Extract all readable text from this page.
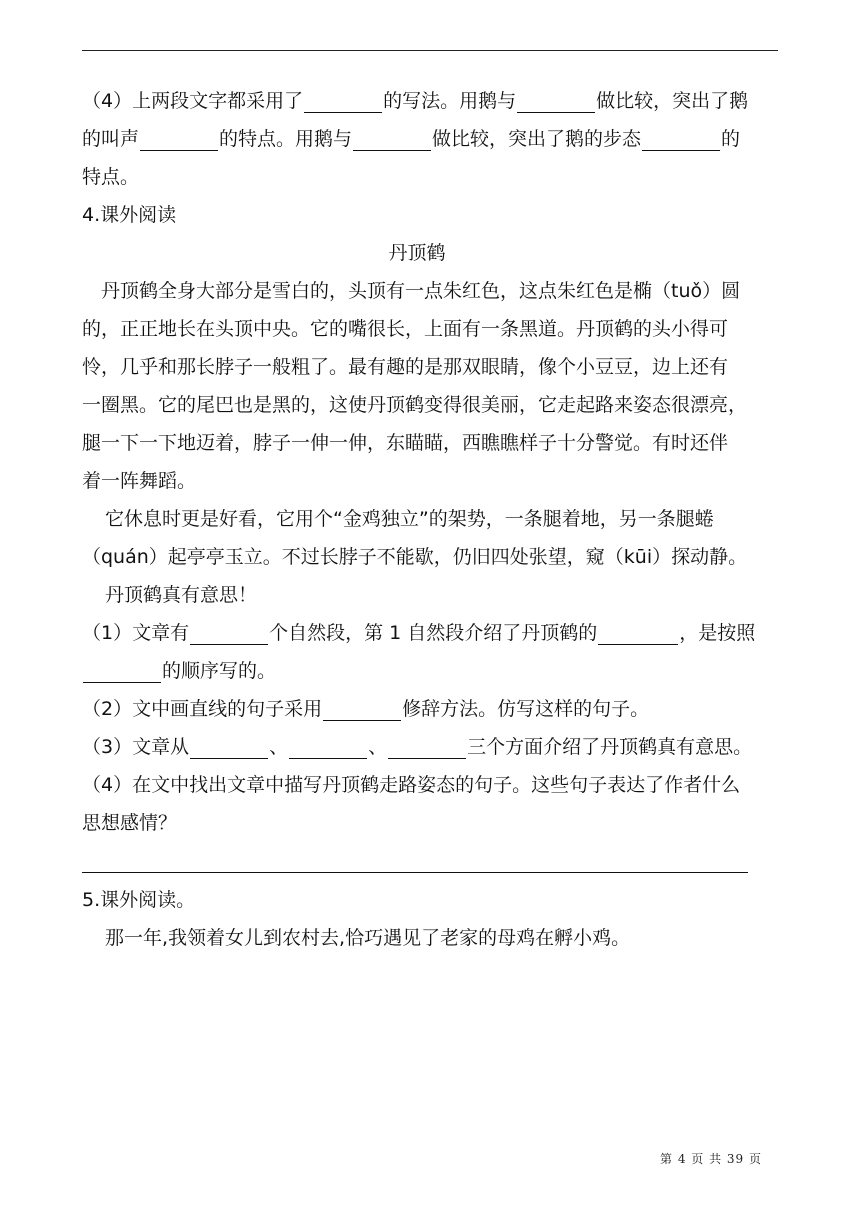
（4）上两段文字都采用了	的写法。用鹅与	做比较，突出了鹅

的叫声	的特点。用鹅与	做比较，突出了鹅的步态	的

特点。

4.课外阅读

丹顶鹤

丹顶鹤全身大部分是雪白的，头顶有一点朱红色，这点朱红色是椭（tuǒ）圆

的，正正地长在头顶中央。它的嘴很长，上面有一条黑道。丹顶鹤的头小得可

怜，几乎和那长脖子一般粗了。最有趣的是那双眼睛，像个小豆豆，边上还有

一圈黑。它的尾巴也是黑的，这使丹顶鹤变得很美丽，它走起路来姿态很漂亮，

腿一下一下地迈着，脖子一伸一伸，东瞄瞄，西瞧瞧样子十分警觉。有时还伴

着一阵舞蹈。

它休息时更是好看，它用个“金鸡独立”的架势，一条腿着地，另一条腿蜷

（quán）起亭亭玉立。不过长脖子不能歇，仍旧四处张望，窥（kūi）探动静。

丹顶鹤真有意思！

（1）文章有	个自然段，第 1 自然段介绍了丹顶鹤的	，是按照

的顺序写的。

（2）文中画直线的句子采用	修辞方法。仿写这样的句子。

（3）文章从	、	、	三个方面介绍了丹顶鹤真有意思。

（4）在文中找出文章中描写丹顶鹤走路姿态的句子。这些句子表达了作者什么

思想感情？

5.课外阅读。

那一年,我领着女儿到农村去,恰巧遇见了老家的母鸡在孵小鸡。

第 4 页 共 39 页
